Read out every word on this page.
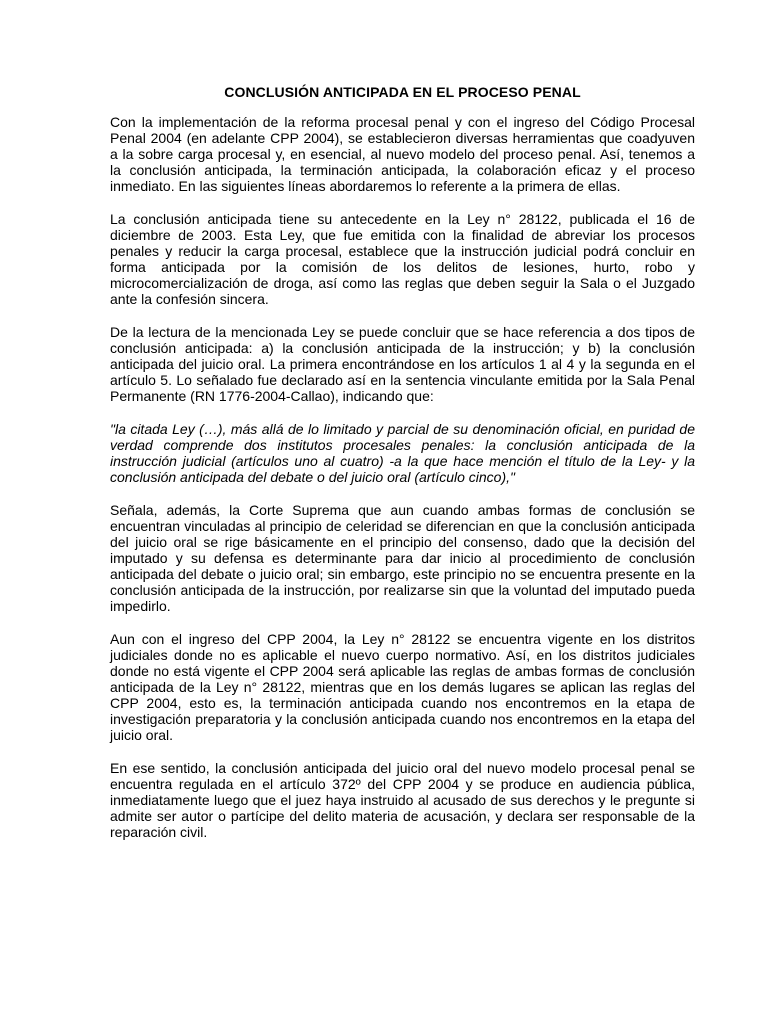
CONCLUSIÓN ANTICIPADA EN EL PROCESO PENAL

Con la implementación de la reforma procesal penal y con el ingreso del Código Procesal Penal 2004 (en adelante CPP 2004), se establecieron diversas herramientas que coadyuven a la sobre carga procesal y, en esencial, al nuevo modelo del proceso penal. Así, tenemos a la conclusión anticipada, la terminación anticipada, la colaboración eficaz y el proceso inmediato. En las siguientes líneas abordaremos lo referente a la primera de ellas.

La conclusión anticipada tiene su antecedente en la Ley n° 28122, publicada el 16 de diciembre de 2003. Esta Ley, que fue emitida con la finalidad de abreviar los procesos penales y reducir la carga procesal, establece que la instrucción judicial podrá concluir en forma anticipada por la comisión de los delitos de lesiones, hurto, robo y microcomercialización de droga, así como las reglas que deben seguir la Sala o el Juzgado ante la confesión sincera.

De la lectura de la mencionada Ley se puede concluir que se hace referencia a dos tipos de conclusión anticipada: a) la conclusión anticipada de la instrucción; y b) la conclusión anticipada del juicio oral. La primera encontrándose en los artículos 1 al 4 y la segunda en el artículo 5. Lo señalado fue declarado así en la sentencia vinculante emitida por la Sala Penal Permanente (RN 1776-2004-Callao), indicando que:

"la citada Ley (…), más allá de lo limitado y parcial de su denominación oficial, en puridad de verdad comprende dos institutos procesales penales: la conclusión anticipada de la instrucción judicial (artículos uno al cuatro) -a la que hace mención el título de la Ley- y la conclusión anticipada del debate o del juicio oral (artículo cinco),"

Señala, además, la Corte Suprema que aun cuando ambas formas de conclusión se encuentran vinculadas al principio de celeridad se diferencian en que la conclusión anticipada del juicio oral se rige básicamente en el principio del consenso, dado que la decisión del imputado y su defensa es determinante para dar inicio al procedimiento de conclusión anticipada del debate o juicio oral; sin embargo, este principio no se encuentra presente en la conclusión anticipada de la instrucción, por realizarse sin que la voluntad del imputado pueda impedirlo.

Aun con el ingreso del CPP 2004, la Ley n° 28122 se encuentra vigente en los distritos judiciales donde no es aplicable el nuevo cuerpo normativo. Así, en los distritos judiciales donde no está vigente el CPP 2004 será aplicable las reglas de ambas formas de conclusión anticipada de la Ley n° 28122, mientras que en los demás lugares se aplican las reglas del CPP 2004, esto es, la terminación anticipada cuando nos encontremos en la etapa de investigación preparatoria y la conclusión anticipada cuando nos encontremos en la etapa del juicio oral.

En ese sentido, la conclusión anticipada del juicio oral del nuevo modelo procesal penal se encuentra regulada en el artículo 372º del CPP 2004 y se produce en audiencia pública, inmediatamente luego que el juez haya instruido al acusado de sus derechos y le pregunte si admite ser autor o partícipe del delito materia de acusación, y declara ser responsable de la reparación civil.
